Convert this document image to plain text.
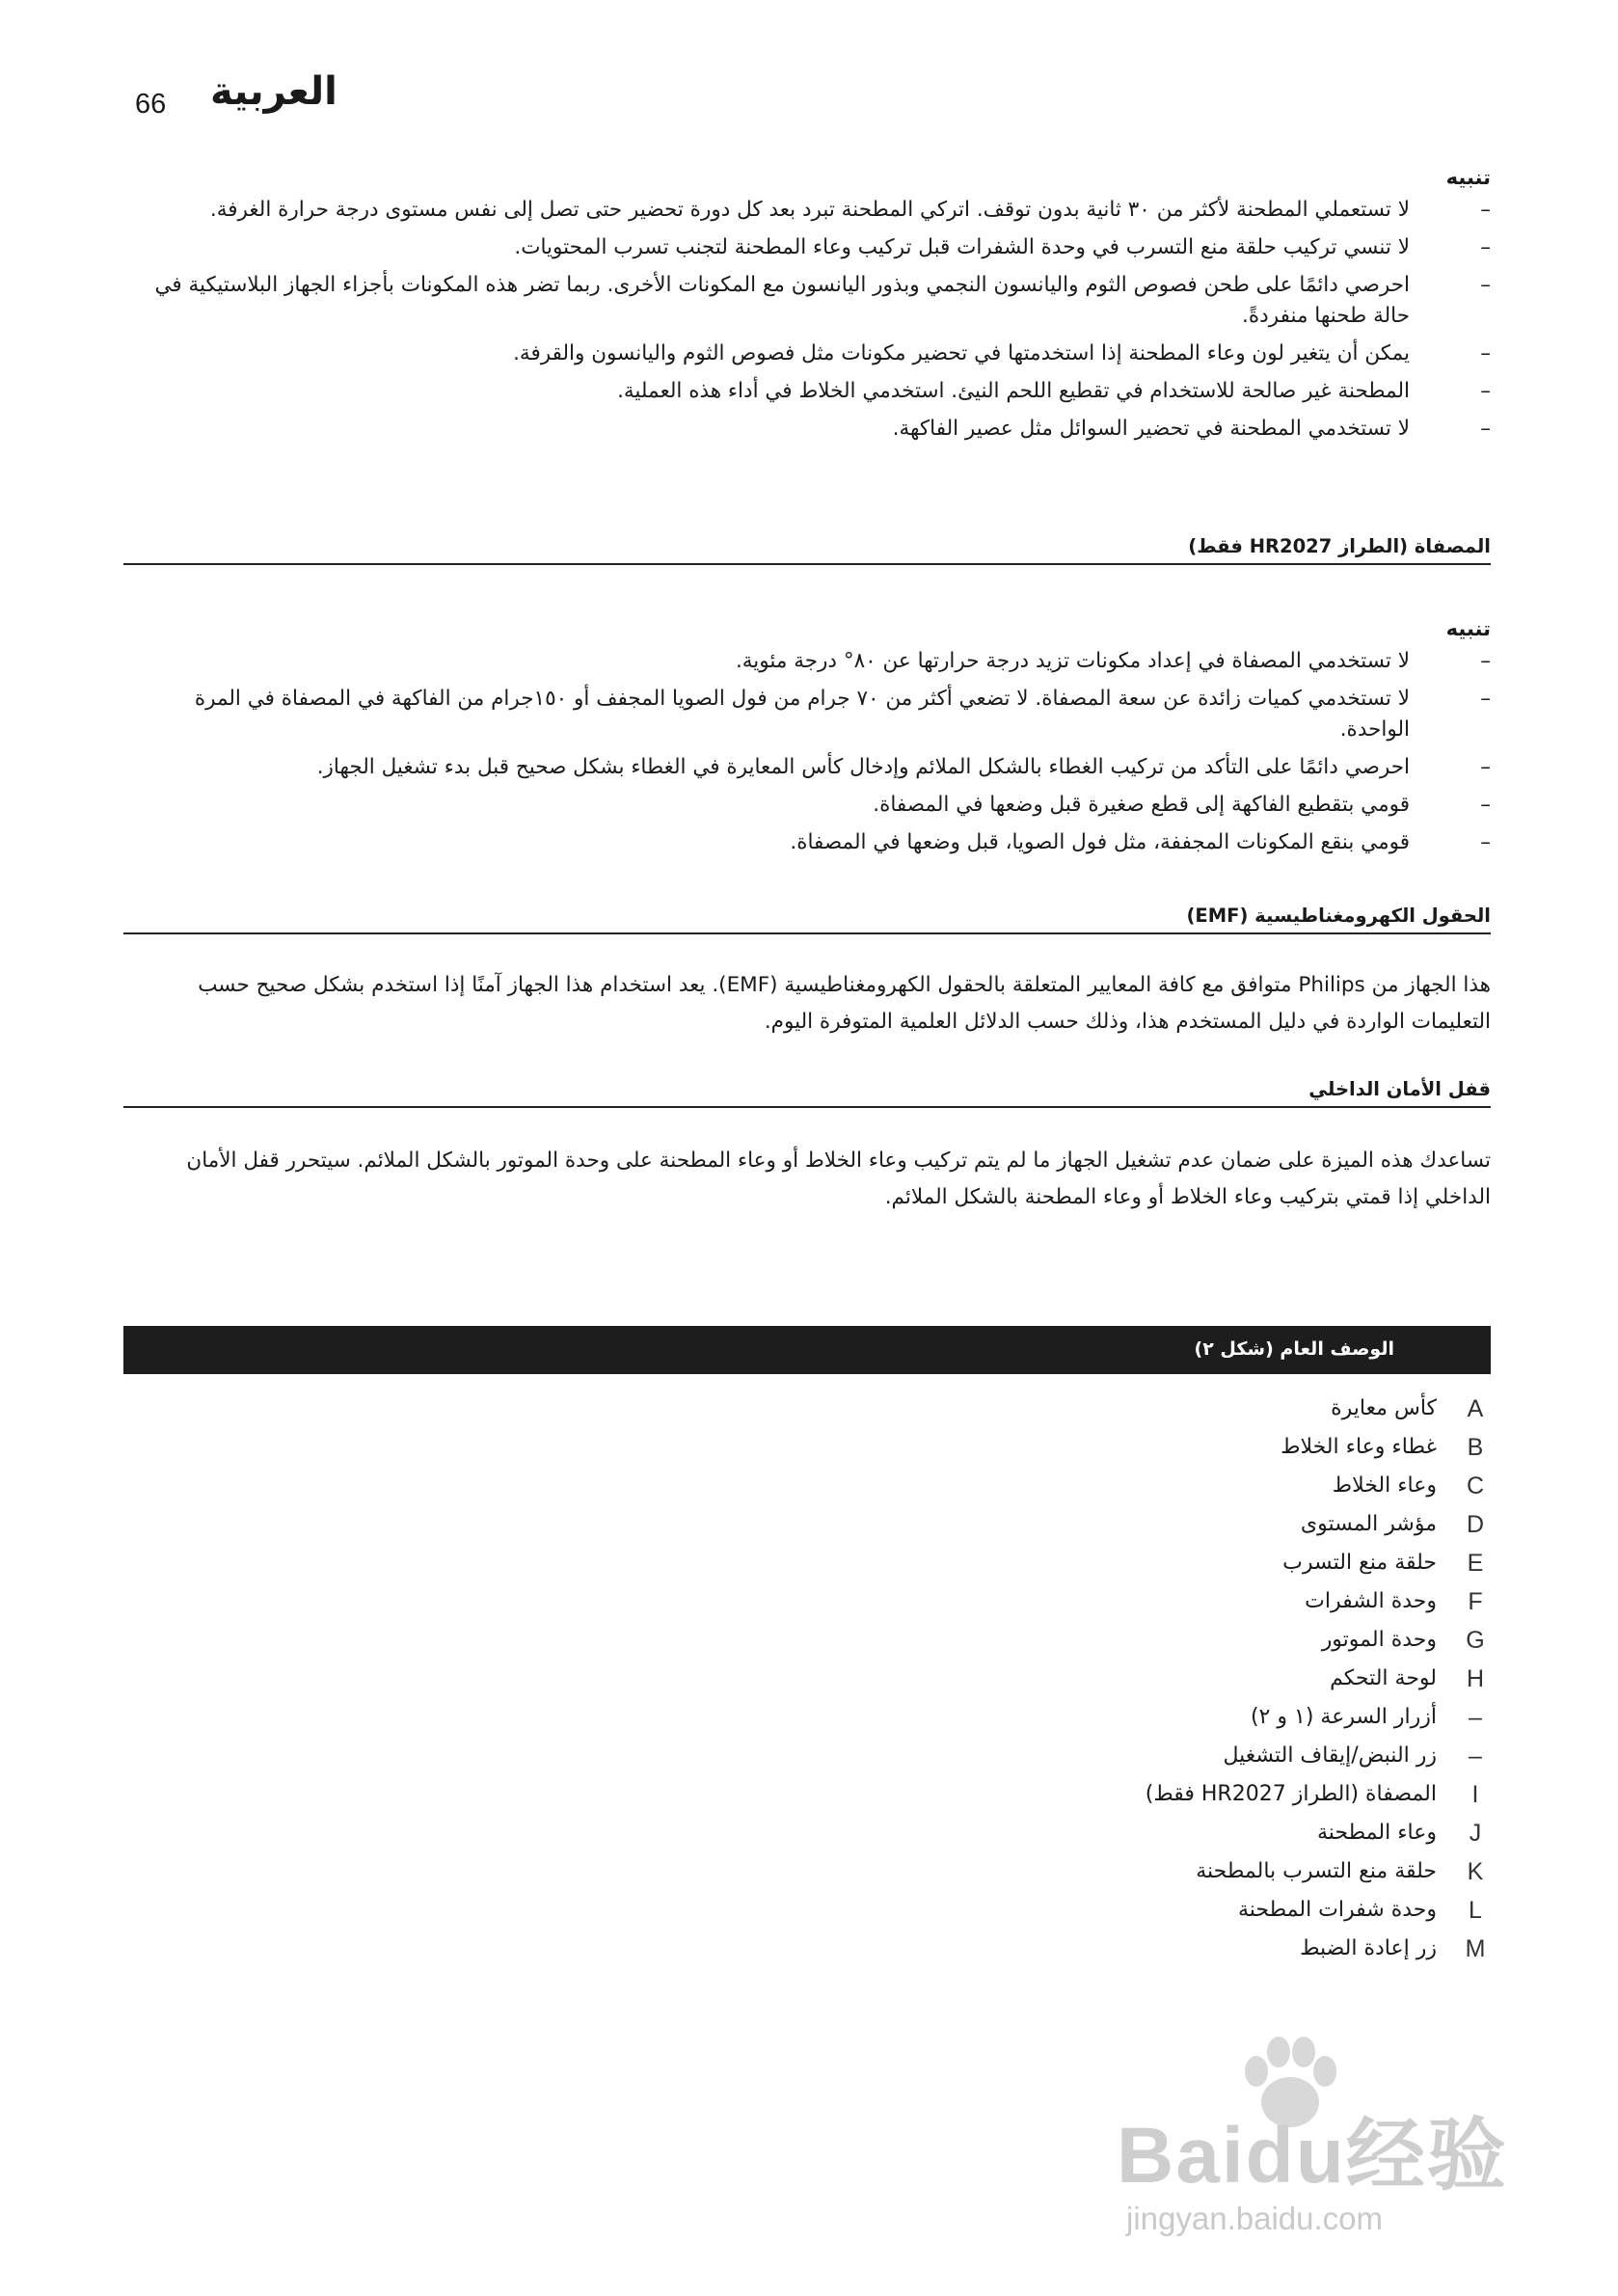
66 العربية
تنبيه
– لا تستعملي المطحنة لأكثر من ٣٠ ثانية بدون توقف. اتركي المطحنة تبرد بعد كل دورة تحضير حتى تصل إلى نفس مستوى درجة حرارة الغرفة.
– لا تنسي تركيب حلقة منع التسرب في وحدة الشفرات قبل تركيب وعاء المطحنة لتجنب تسرب المحتويات.
– احرصي دائمًا على طحن فصوص الثوم واليانسون النجمي وبذور اليانسون مع المكونات الأخرى. ربما تضر هذه المكونات بأجزاء الجهاز البلاستيكية في حالة طحنها منفردةً.
– يمكن أن يتغير لون وعاء المطحنة إذا استخدمتها في تحضير مكونات مثل فصوص الثوم واليانسون والقرفة.
– المطحنة غير صالحة للاستخدام في تقطيع اللحم النيئ. استخدمي الخلاط في أداء هذه العملية.
– لا تستخدمي المطحنة في تحضير السوائل مثل عصير الفاكهة.
المصفاة (الطراز HR2027 فقط)
تنبيه
– لا تستخدمي المصفاة في إعداد مكونات تزيد درجة حرارتها عن ٨٠° درجة مئوية.
– لا تستخدمي كميات زائدة عن سعة المصفاة. لا تضعي أكثر من ٧٠ جرام من فول الصويا المجفف أو ١٥٠جرام من الفاكهة في المصفاة في المرة الواحدة.
– احرصي دائمًا على التأكد من تركيب الغطاء بالشكل الملائم وإدخال كأس المعايرة في الغطاء بشكل صحيح قبل بدء تشغيل الجهاز.
– قومي بتقطيع الفاكهة إلى قطع صغيرة قبل وضعها في المصفاة.
– قومي بنقع المكونات المجففة، مثل فول الصويا، قبل وضعها في المصفاة.
الحقول الكهرومغناطيسية (EMF)

هذا الجهاز من Philips متوافق مع كافة المعايير المتعلقة بالحقول الكهرومغناطيسية (EMF). يعد استخدام هذا الجهاز آمنًا إذا استخدم بشكل صحيح حسب التعليمات الواردة في دليل المستخدم هذا، وذلك حسب الدلائل العلمية المتوفرة اليوم.

قفل الأمان الداخلي

تساعدك هذه الميزة على ضمان عدم تشغيل الجهاز ما لم يتم تركيب وعاء الخلاط أو وعاء المطحنة على وحدة الموتور بالشكل الملائم. سيتحرر قفل الأمان الداخلي إذا قمتي بتركيب وعاء الخلاط أو وعاء المطحنة بالشكل الملائم.

الوصف العام (شكل ٢)
A
كأس معايرة
B
غطاء وعاء الخلاط
C
وعاء الخلاط
D
مؤشر المستوى
E
حلقة منع التسرب
F
وحدة الشفرات
G
وحدة الموتور
H
لوحة التحكم
–
أزرار السرعة (١ و ٢)
–
زر النبض/إيقاف التشغيل
I
المصفاة (الطراز HR2027 فقط)
J
وعاء المطحنة
K
حلقة منع التسرب بالمطحنة
L
وحدة شفرات المطحنة
M
زر إعادة الضبط
Baidu经验
jingyan.baidu.com
